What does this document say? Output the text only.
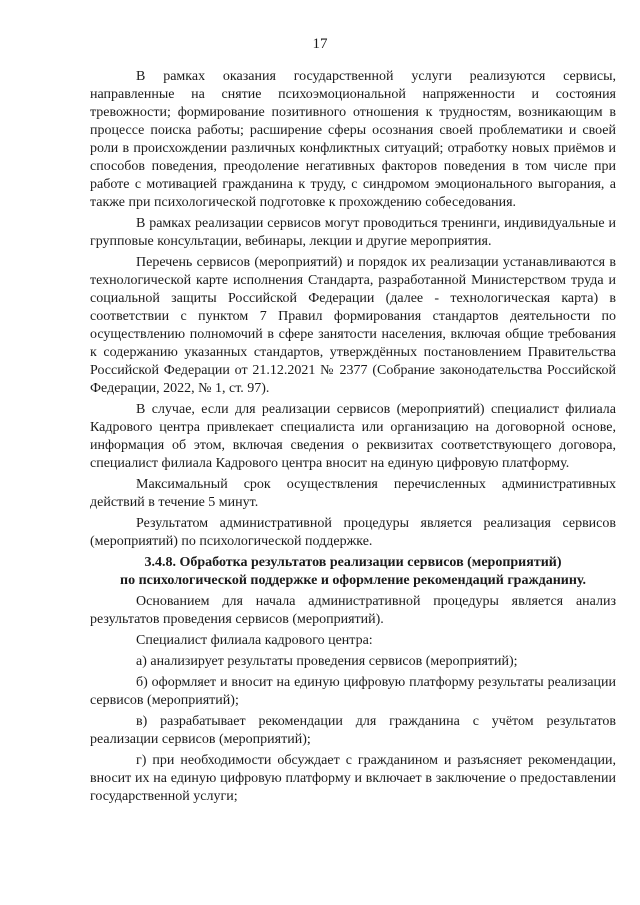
17

В рамках оказания государственной услуги реализуются сервисы, направленные на снятие психоэмоциональной напряженности и состояния тревожности; формирование позитивного отношения к трудностям, возникающим в процессе поиска работы; расширение сферы осознания своей проблематики и своей роли в происхождении различных конфликтных ситуаций; отработку новых приёмов и способов поведения, преодоление негативных факторов поведения в том числе при работе с мотивацией гражданина к труду, с синдромом эмоционального выгорания, а также при психологической подготовке к прохождению собеседования.

В рамках реализации сервисов могут проводиться тренинги, индивидуальные и групповые консультации, вебинары, лекции и другие мероприятия.

Перечень сервисов (мероприятий) и порядок их реализации устанавливаются в технологической карте исполнения Стандарта, разработанной Министерством труда и социальной защиты Российской Федерации (далее - технологическая карта) в соответствии с пунктом 7 Правил формирования стандартов деятельности по осуществлению полномочий в сфере занятости населения, включая общие требования к содержанию указанных стандартов, утверждённых постановлением Правительства Российской Федерации от 21.12.2021 № 2377 (Собрание законодательства Российской Федерации, 2022, № 1, ст. 97).

В случае, если для реализации сервисов (мероприятий) специалист филиала Кадрового центра привлекает специалиста или организацию на договорной основе, информация об этом, включая сведения о реквизитах соответствующего договора, специалист филиала Кадрового центра вносит на единую цифровую платформу.

Максимальный срок осуществления перечисленных административных действий в течение 5 минут.

Результатом административной процедуры является реализация сервисов (мероприятий) по психологической поддержке.

3.4.8. Обработка результатов реализации сервисов (мероприятий)
по психологической поддержке и оформление рекомендаций гражданину.

Основанием для начала административной процедуры является анализ результатов проведения сервисов (мероприятий).

Специалист филиала кадрового центра:

а) анализирует результаты проведения сервисов (мероприятий);

б) оформляет и вносит на единую цифровую платформу результаты реализации сервисов (мероприятий);

в) разрабатывает рекомендации для гражданина с учётом результатов реализации сервисов (мероприятий);

г) при необходимости обсуждает с гражданином и разъясняет рекомендации, вносит их на единую цифровую платформу и включает в заключение о предоставлении государственной услуги;
